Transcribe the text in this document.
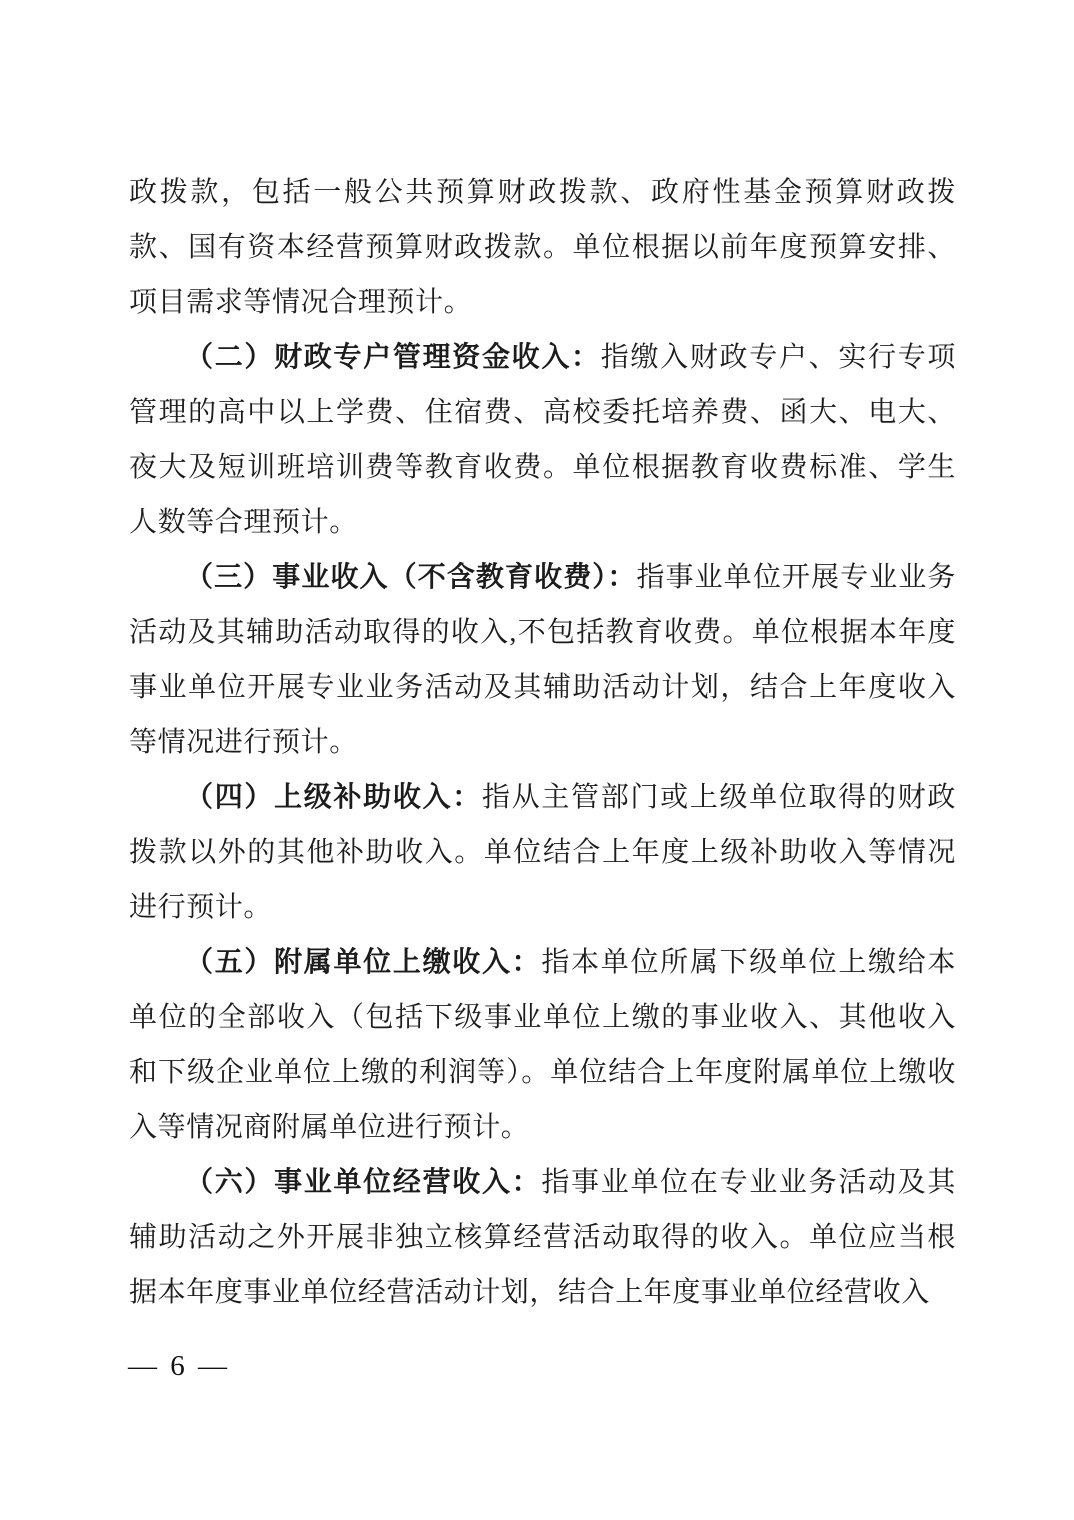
政拨款，包括一般公共预算财政拨款、政府性基金预算财政拨款、国有资本经营预算财政拨款。单位根据以前年度预算安排、项目需求等情况合理预计。

（二）财政专户管理资金收入：指缴入财政专户、实行专项管理的高中以上学费、住宿费、高校委托培养费、函大、电大、夜大及短训班培训费等教育收费。单位根据教育收费标准、学生人数等合理预计。

（三）事业收入（不含教育收费）：指事业单位开展专业业务活动及其辅助活动取得的收入,不包括教育收费。单位根据本年度事业单位开展专业业务活动及其辅助活动计划，结合上年度收入等情况进行预计。

（四）上级补助收入：指从主管部门或上级单位取得的财政拨款以外的其他补助收入。单位结合上年度上级补助收入等情况进行预计。

（五）附属单位上缴收入：指本单位所属下级单位上缴给本单位的全部收入（包括下级事业单位上缴的事业收入、其他收入和下级企业单位上缴的利润等）。单位结合上年度附属单位上缴收入等情况商附属单位进行预计。

（六）事业单位经营收入：指事业单位在专业业务活动及其辅助活动之外开展非独立核算经营活动取得的收入。单位应当根据本年度事业单位经营活动计划，结合上年度事业单位经营收入

— 6 —
